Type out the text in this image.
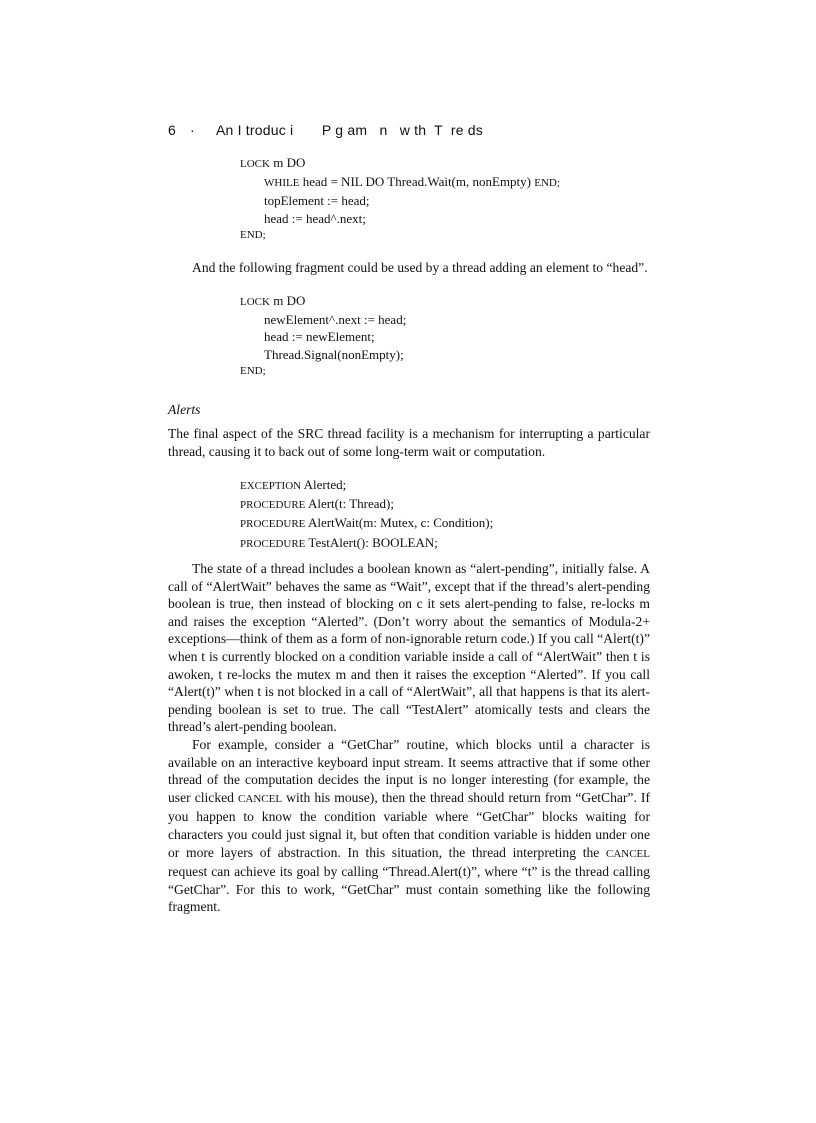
6 · An I troduc i       P g am   n   w th  T  re ds
LOCK m DO
WHILE head = NIL DO Thread.Wait(m, nonEmpty) END;
topElement := head;
head := head^.next;
END;
And the following fragment could be used by a thread adding an element to “head”.
LOCK m DO
newElement^.next := head;
head := newElement;
Thread.Signal(nonEmpty);
END;
Alerts

The final aspect of the SRC thread facility is a mechanism for interrupting a particular thread, causing it to back out of some long-term wait or computation.

EXCEPTION Alerted;
PROCEDURE Alert(t: Thread);
PROCEDURE AlertWait(m: Mutex, c: Condition);
PROCEDURE TestAlert(): BOOLEAN;

The state of a thread includes a boolean known as “alert-pending”, initially false. A call of “AlertWait” behaves the same as “Wait”, except that if the thread’s alert-pending boolean is true, then instead of blocking on c it sets alert-pending to false, re-locks m and raises the exception “Alerted”. (Don’t worry about the semantics of Modula-2+ exceptions—think of them as a form of non-ignorable return code.) If you call “Alert(t)” when t is currently blocked on a condition variable inside a call of “AlertWait” then t is awoken, t re-locks the mutex m and then it raises the exception “Alerted”. If you call “Alert(t)” when t is not blocked in a call of “AlertWait”, all that happens is that its alert-pending boolean is set to true. The call “TestAlert” atomically tests and clears the thread’s alert-pending boolean.

For example, consider a “GetChar” routine, which blocks until a character is available on an interactive keyboard input stream. It seems attractive that if some other thread of the computation decides the input is no longer interesting (for example, the user clicked CANCEL with his mouse), then the thread should return from “GetChar”. If you happen to know the condition variable where “GetChar” blocks waiting for characters you could just signal it, but often that condition variable is hidden under one or more layers of abstraction. In this situation, the thread interpreting the CANCEL request can achieve its goal by calling “Thread.Alert(t)”, where “t” is the thread calling “GetChar”. For this to work, “GetChar” must contain something like the following fragment.
